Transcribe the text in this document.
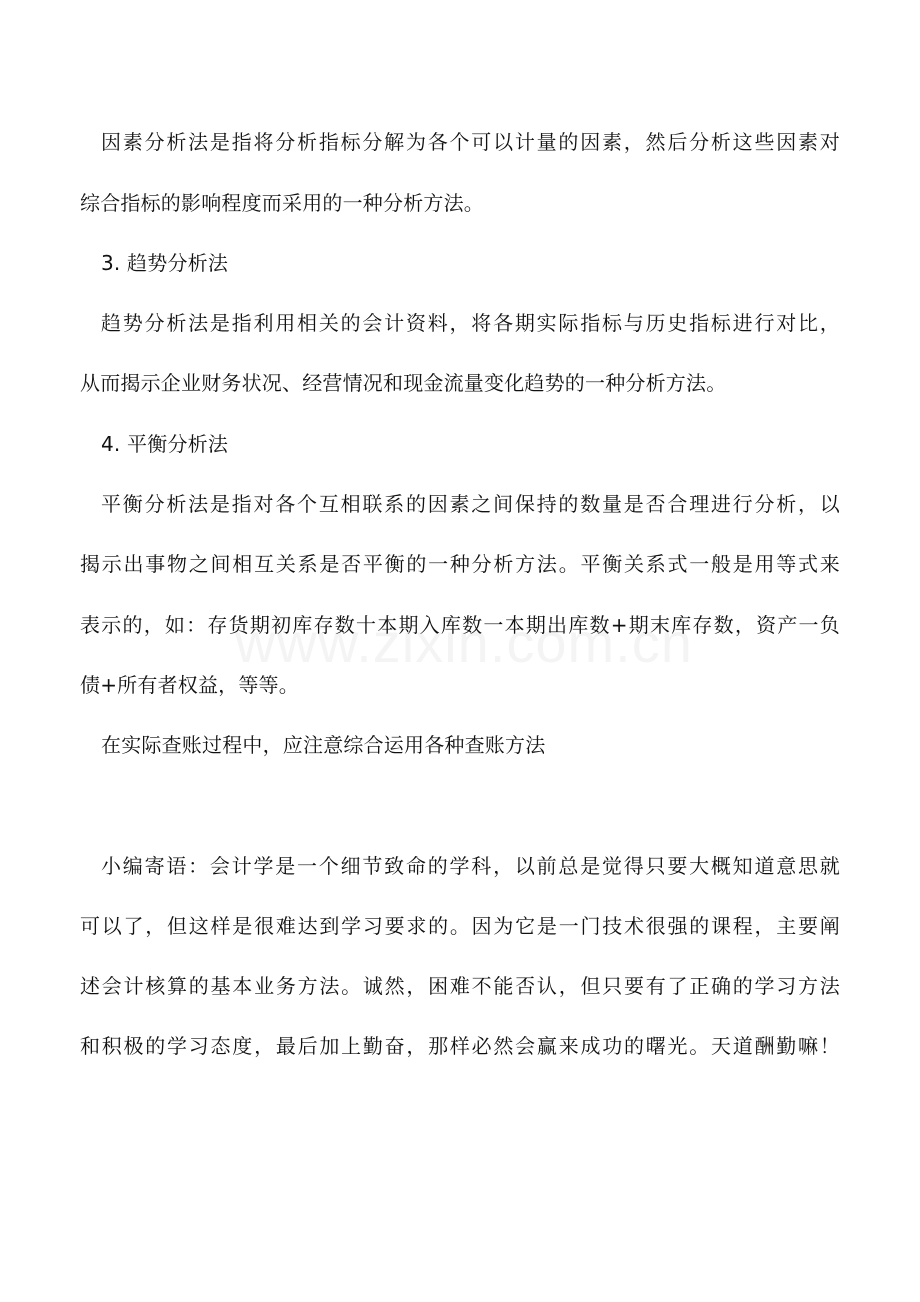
因素分析法是指将分析指标分解为各个可以计量的因素，然后分析这些因素对
综合指标的影响程度而采用的一种分析方法。
3. 趋势分析法
趋势分析法是指利用相关的会计资料，将各期实际指标与历史指标进行对比，
从而揭示企业财务状况、经营情况和现金流量变化趋势的一种分析方法。
4. 平衡分析法
平衡分析法是指对各个互相联系的因素之间保持的数量是否合理进行分析，以
揭示出事物之间相互关系是否平衡的一种分析方法。平衡关系式一般是用等式来
表示的，如：存货期初库存数十本期入库数一本期出库数+期末库存数，资产一负
债+所有者权益，等等。
在实际查账过程中，应注意综合运用各种查账方法
小编寄语：会计学是一个细节致命的学科，以前总是觉得只要大概知道意思就
可以了，但这样是很难达到学习要求的。因为它是一门技术很强的课程，主要阐
述会计核算的基本业务方法。诚然，困难不能否认，但只要有了正确的学习方法
和积极的学习态度，最后加上勤奋，那样必然会赢来成功的曙光。天道酬勤嘛！
